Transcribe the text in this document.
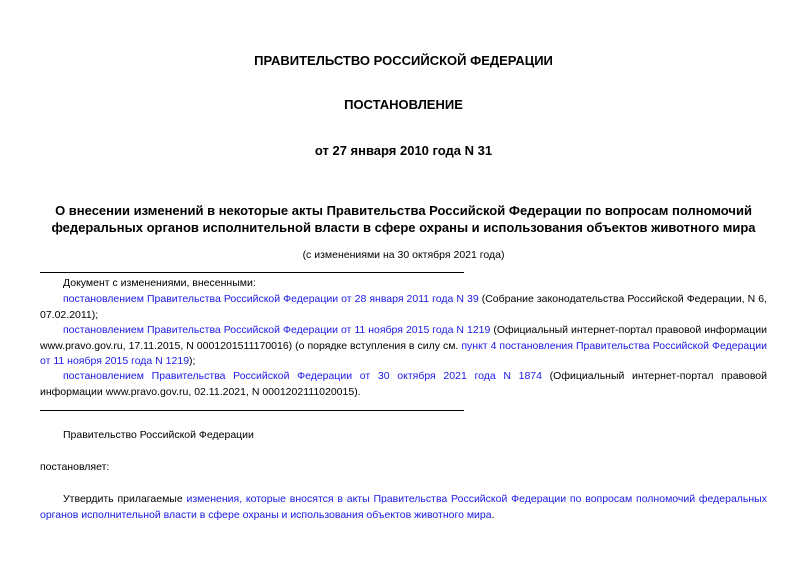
ПРАВИТЕЛЬСТВО РОССИЙСКОЙ ФЕДЕРАЦИИ
ПОСТАНОВЛЕНИЕ
от 27 января 2010 года N 31
О внесении изменений в некоторые акты Правительства Российской Федерации по вопросам полномочий федеральных органов исполнительной власти в сфере охраны и использования объектов животного мира
(с изменениями на 30 октября 2021 года)
Документ с изменениями, внесенными:
постановлением Правительства Российской Федерации от 28 января 2011 года N 39 (Собрание законодательства Российской Федерации, N 6, 07.02.2011);
постановлением Правительства Российской Федерации от 11 ноября 2015 года N 1219 (Официальный интернет-портал правовой информации www.pravo.gov.ru, 17.11.2015, N 0001201511170016) (о порядке вступления в силу см. пункт 4 постановления Правительства Российской Федерации от 11 ноября 2015 года N 1219);
постановлением Правительства Российской Федерации от 30 октября 2021 года N 1874 (Официальный интернет-портал правовой информации www.pravo.gov.ru, 02.11.2021, N 0001202111020015).
Правительство Российской Федерации
постановляет:
Утвердить прилагаемые изменения, которые вносятся в акты Правительства Российской Федерации по вопросам полномочий федеральных органов исполнительной власти в сфере охраны и использования объектов животного мира.
